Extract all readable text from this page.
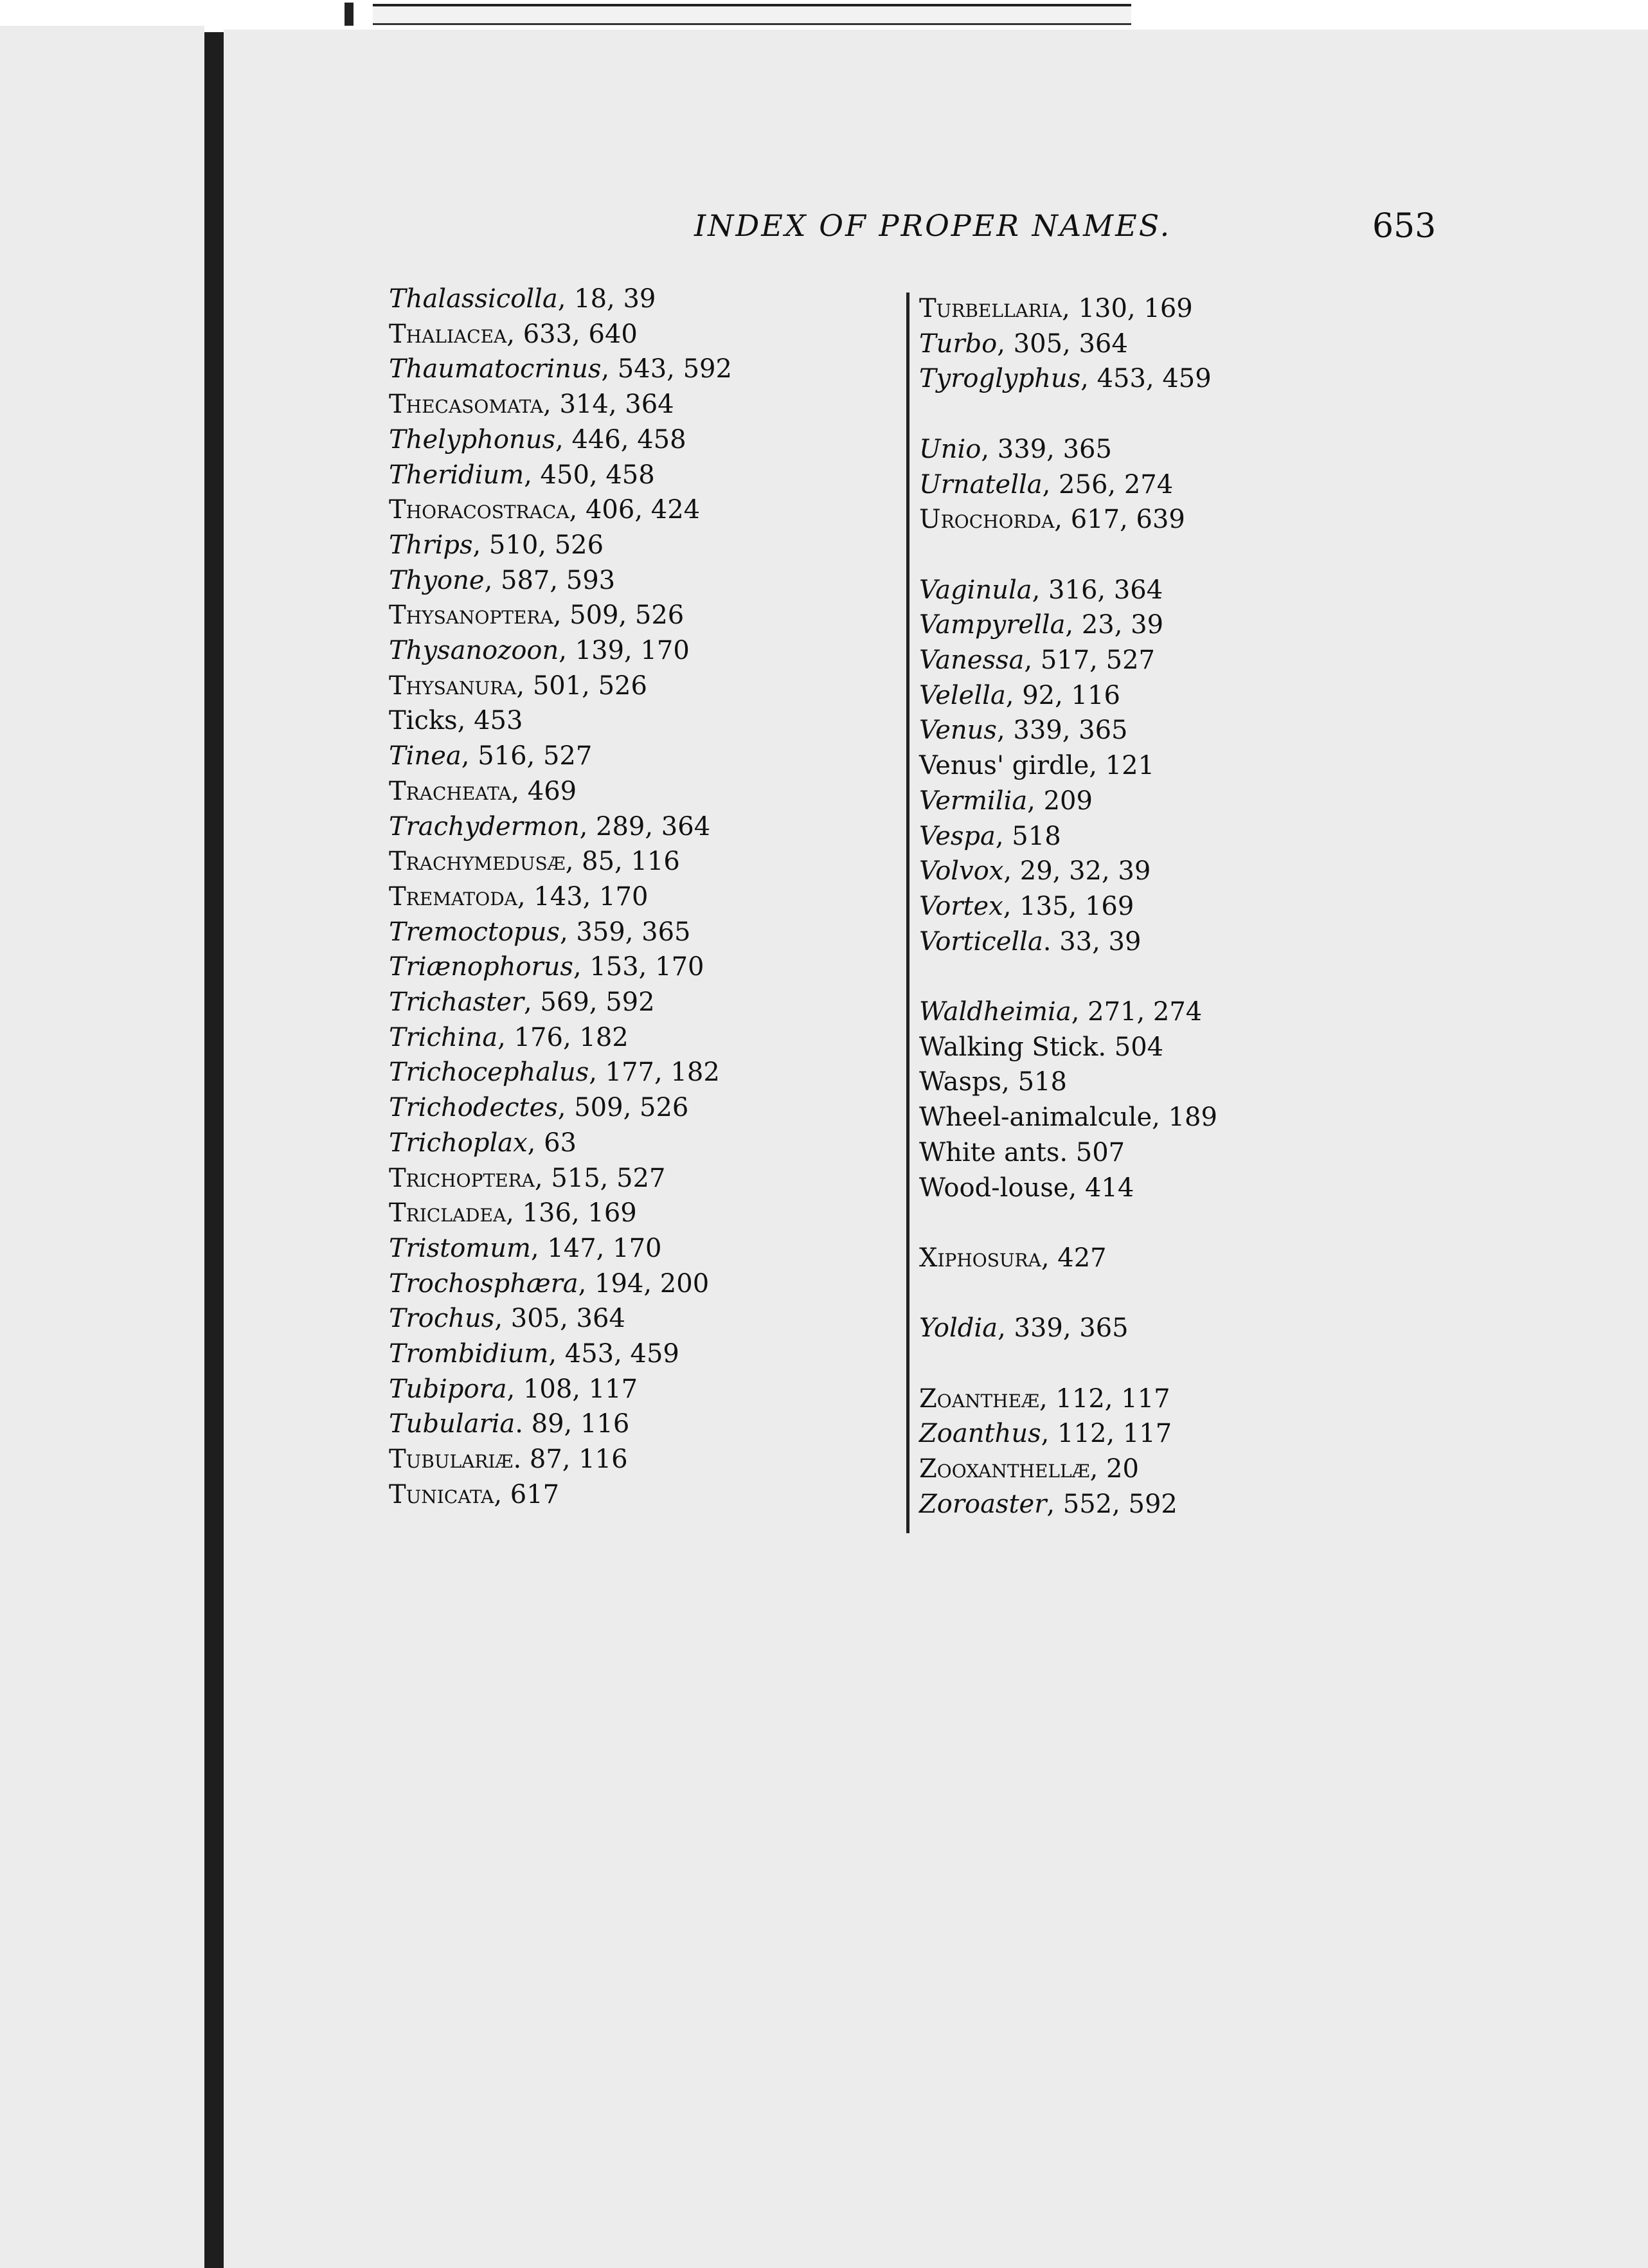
INDEX OF PROPER NAMES.	653
Thalassicolla, 18, 39
Thaliacea, 633, 640
Thaumatocrinus, 543, 592
Thecasomata, 314, 364
Thelyphonus, 446, 458
Theridium, 450, 458
Thoracostraca, 406, 424
Thrips, 510, 526
Thyone, 587, 593
Thysanoptera, 509, 526
Thysanozoon, 139, 170
Thysanura, 501, 526
Ticks, 453
Tinea, 516, 527
Tracheata, 469
Trachydermon, 289, 364
Trachymedusæ, 85, 116
Trematoda, 143, 170
Tremoctopus, 359, 365
Triænophorus, 153, 170
Trichaster, 569, 592
Trichina, 176, 182
Trichocephalus, 177, 182
Trichodectes, 509, 526
Trichoplax, 63
Trichoptera, 515, 527
Tricladea, 136, 169
Tristomum, 147, 170
Trochosphæra, 194, 200
Trochus, 305, 364
Trombidium, 453, 459
Tubipora, 108, 117
Tubularia. 89, 116
Tubulariæ. 87, 116
Tunicata, 617
Turbellaria, 130, 169
Turbo, 305, 364
Tyroglyphus, 453, 459
Unio, 339, 365
Urnatella, 256, 274
Urochorda, 617, 639
Vaginula, 316, 364
Vampyrella, 23, 39
Vanessa, 517, 527
Velella, 92, 116
Venus, 339, 365
Venus' girdle, 121
Vermilia, 209
Vespa, 518
Volvox, 29, 32, 39
Vortex, 135, 169
Vorticella. 33, 39
Waldheimia, 271, 274
Walking Stick. 504
Wasps, 518
Wheel-animalcule, 189
White ants. 507
Wood-louse, 414
Xiphosura, 427
Yoldia, 339, 365
Zoantheæ, 112, 117
Zoanthus, 112, 117
Zooxanthellæ, 20
Zoroaster, 552, 592
